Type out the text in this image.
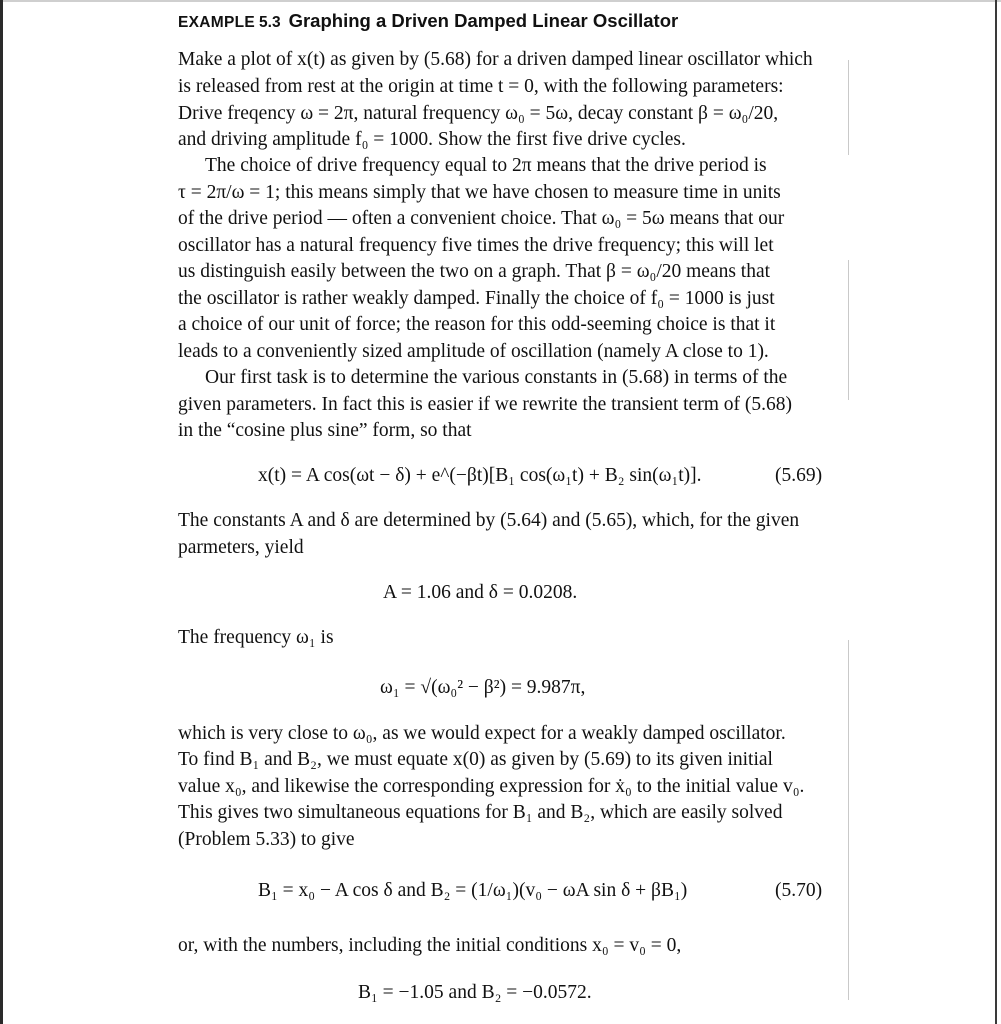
EXAMPLE 5.3 Graphing a Driven Damped Linear Oscillator
Make a plot of x(t) as given by (5.68) for a driven damped linear oscillator which
is released from rest at the origin at time t = 0, with the following parameters:
Drive freqency ω = 2π, natural frequency ω₀ = 5ω, decay constant β = ω₀/20,
and driving amplitude f₀ = 1000. Show the first five drive cycles.
The choice of drive frequency equal to 2π means that the drive period is
τ = 2π/ω = 1; this means simply that we have chosen to measure time in units
of the drive period — often a convenient choice. That ω₀ = 5ω means that our
oscillator has a natural frequency five times the drive frequency; this will let
us distinguish easily between the two on a graph. That β = ω₀/20 means that
the oscillator is rather weakly damped. Finally the choice of f₀ = 1000 is just
a choice of our unit of force; the reason for this odd-seeming choice is that it
leads to a conveniently sized amplitude of oscillation (namely A close to 1).
Our first task is to determine the various constants in (5.68) in terms of the
given parameters. In fact this is easier if we rewrite the transient term of (5.68)
in the “cosine plus sine” form, so that
x(t) = A cos(ωt − δ) + e^(−βt)[B₁ cos(ω₁t) + B₂ sin(ω₁t)].	(5.69)
The constants A and δ are determined by (5.64) and (5.65), which, for the given
parmeters, yield
A = 1.06 and δ = 0.0208.
The frequency ω₁ is
ω₁ = √(ω₀² − β²) = 9.987π,
which is very close to ω₀, as we would expect for a weakly damped oscillator.
To find B₁ and B₂, we must equate x(0) as given by (5.69) to its given initial
value x₀, and likewise the corresponding expression for ẋ₀ to the initial value v₀.
This gives two simultaneous equations for B₁ and B₂, which are easily solved
(Problem 5.33) to give
B₁ = x₀ − A cos δ and B₂ = (1/ω₁)(v₀ − ωA sin δ + βB₁)	(5.70)
or, with the numbers, including the initial conditions x₀ = v₀ = 0,
B₁ = −1.05 and B₂ = −0.0572.
